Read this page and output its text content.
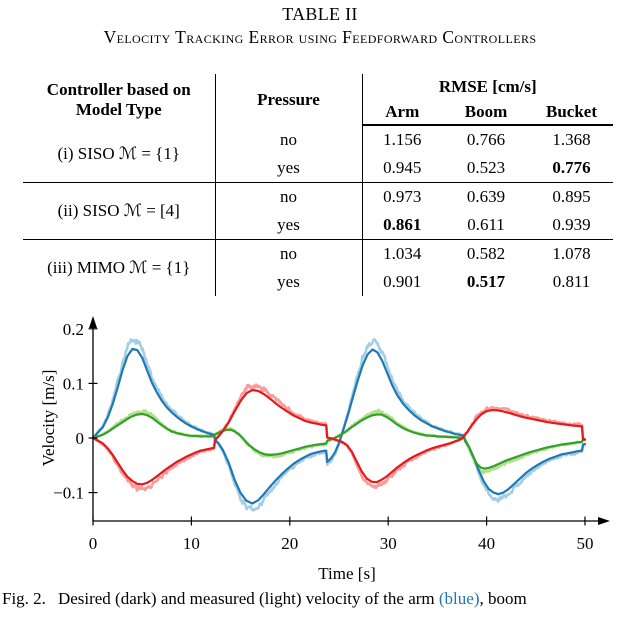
TABLE II
Velocity Tracking Error using Feedforward Controllers
Controller based on
Model Type	Pressure	RMSE [cm/s]		
		Arm	Boom	Bucket
(i) SISO ℳ = {1}	no	1.156	0.766	1.368
	yes	0.945	0.523	0.776
(ii) SISO ℳ = [4]	no	0.973	0.639	0.895
	yes	0.861	0.611	0.939
(iii) MIMO ℳ = {1}	no	1.034	0.582	1.078
	yes	0.901	0.517	0.811
0	10	20	30	40	50
−0.1
0
0.1
0.2
Velocity [m/s]
Time [s]
Fig. 2. Desired (dark) and measured (light) velocity of the arm (blue), boom
